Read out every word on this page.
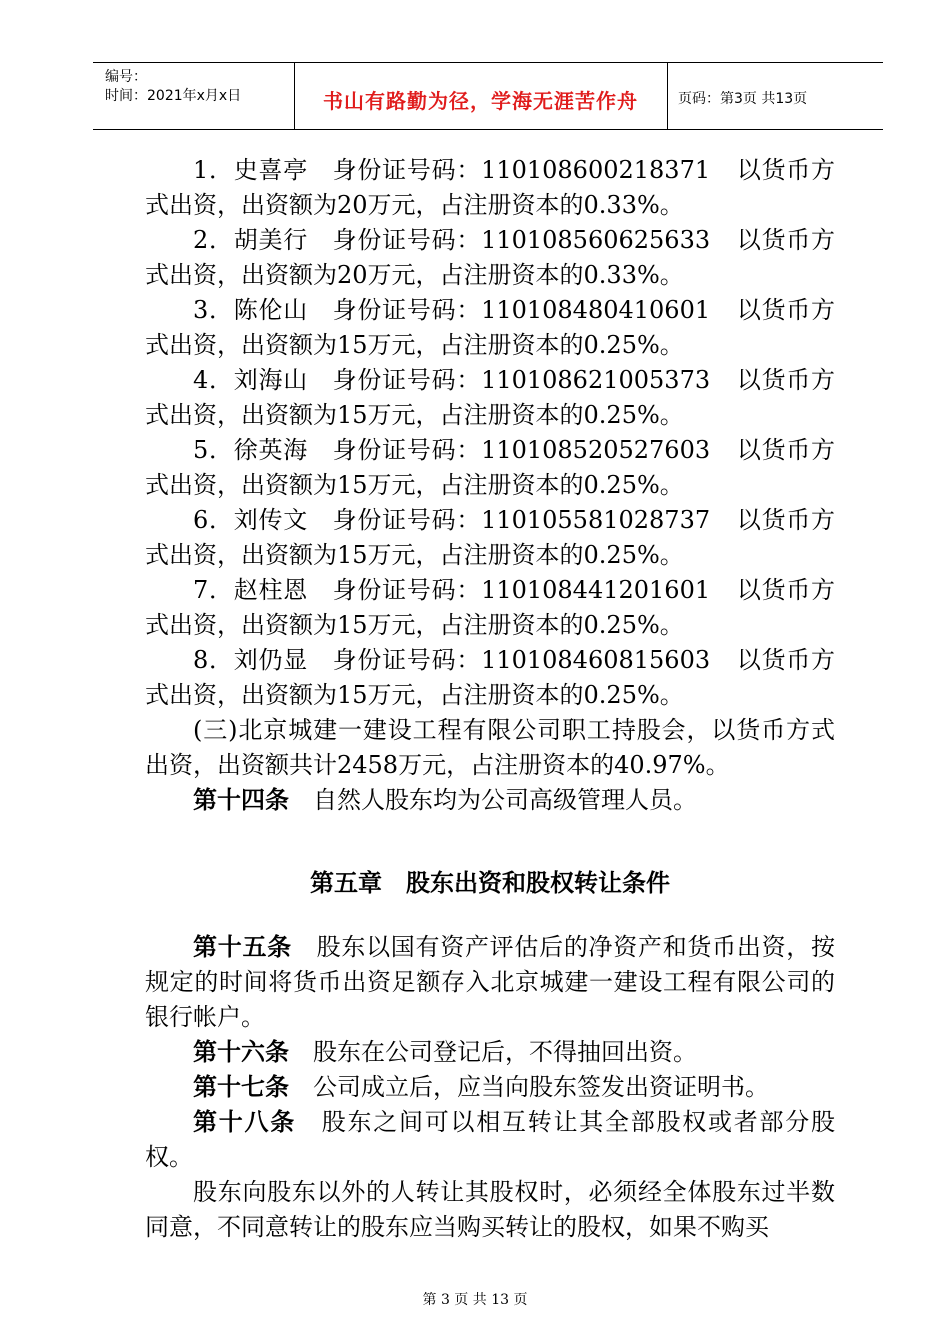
编号：
时间：2021年x月x日	书山有路勤为径，学海无涯苦作舟	页码：第3页 共13页

1．史喜亭　 身份证号码：110108600218371 以货币方式出资，出资额为20万元，占注册资本的0.33%。

2．胡美行　 身份证号码：110108560625633 以货币方式出资，出资额为20万元，占注册资本的0.33%。

3．陈伦山　 身份证号码：110108480410601 以货币方式出资，出资额为15万元，占注册资本的0.25%。

4．刘海山　 身份证号码：110108621005373 以货币方式出资，出资额为15万元，占注册资本的0.25%。

5．徐英海　 身份证号码：110108520527603 以货币方式出资，出资额为15万元，占注册资本的0.25%。

6．刘传文　 身份证号码：110105581028737 以货币方式出资，出资额为15万元，占注册资本的0.25%。

7．赵柱恩　 身份证号码：110108441201601 以货币方式出资，出资额为15万元，占注册资本的0.25%。

8．刘仍显　 身份证号码：110108460815603 以货币方式出资，出资额为15万元，占注册资本的0.25%。

(三)北京城建一建设工程有限公司职工持股会，以货币方式出资，出资额共计2458万元，占注册资本的40.97%。

第十四条　 自然人股东均为公司高级管理人员。

第五章　股东出资和股权转让条件

第十五条　 股东以国有资产评估后的净资产和货币出资，按规定的时间将货币出资足额存入北京城建一建设工程有限公司的银行帐户。

第十六条　 股东在公司登记后，不得抽回出资。

第十七条　 公司成立后，应当向股东签发出资证明书。

第十八条　 股东之间可以相互转让其全部股权或者部分股权。

股东向股东以外的人转让其股权时，必须经全体股东过半数同意，不同意转让的股东应当购买转让的股权，如果不购买

第 3 页 共 13 页
